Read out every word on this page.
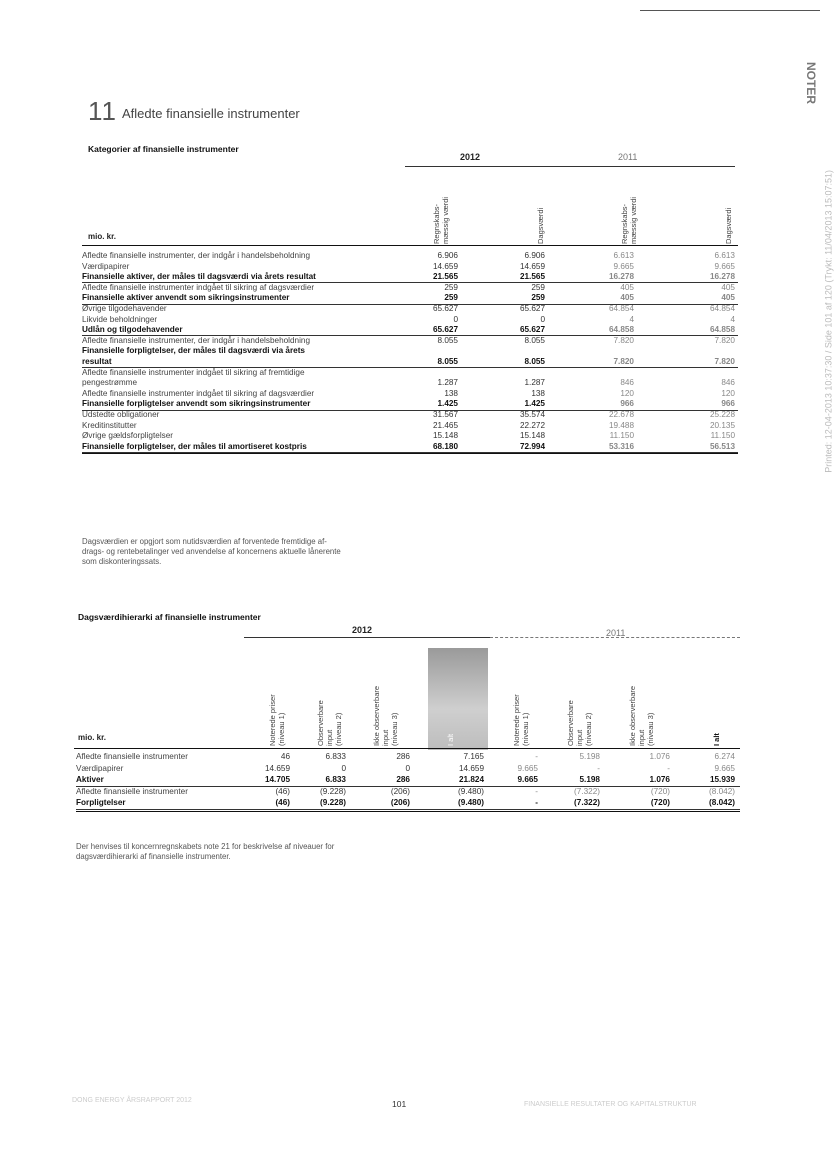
11 Afledte finansielle instrumenter
NOTER
Printed: 12-04-2013 10:37:30 / Side 101 af 120 (Trykt: 11/04/2013 15:07:51)
Kategorier af finansielle instrumenter
2012	2011
Regnskabs-
mæssig værdi
Dagsværdi	Regnskabs-
mæssig værdi
Dagsværdi
mio. kr.
Afledte finansielle instrumenter, der indgår i handelsbeholdning	6.906	6.906	6.613	6.613
Værdipapirer	14.659	14.659	9.665	9.665
Finansielle aktiver, der måles til dagsværdi via årets resultat	21.565	21.565	16.278	16.278
Afledte finansielle instrumenter indgået til sikring af dagsværdier	259	259	405	405
Finansielle aktiver anvendt som sikringsinstrumenter	259	259	405	405
Øvrige tilgodehavender	65.627	65.627	64.854	64.854
Likvide beholdninger	0	0	4	4
Udlån og tilgodehavender	65.627	65.627	64.858	64.858
Afledte finansielle instrumenter, der indgår i handelsbeholdning	8.055	8.055	7.820	7.820
Finansielle forpligtelser, der måles til dagsværdi via årets
resultat	8.055	8.055	7.820	7.820
Afledte finansielle instrumenter indgået til sikring af fremtidige
pengestrømme	1.287	1.287	846	846
Afledte finansielle instrumenter indgået til sikring af dagsværdier	138	138	120	120
Finansielle forpligtelser anvendt som sikringsinstrumenter	1.425	1.425	966	966
Udstedte obligationer	31.567	35.574	22.678	25.228
Kreditinstitutter	21.465	22.272	19.488	20.135
Øvrige gældsforpligtelser	15.148	15.148	11.150	11.150
Finansielle forpligtelser, der måles til amortiseret kostpris	68.180	72.994	53.316	56.513
Dagsværdien er opgjort som nutidsværdien af forventede fremtidige af-
drags- og rentebetalinger ved anvendelse af koncernens aktuelle lånerente
som diskonteringssats.
Dagsværdihierarki af finansielle instrumenter
2012	2011
Noterede priser
(niveau 1)	Observerbare
input
(niveau 2)
Ikke observerbare
input
(niveau 3)
I alt	Noterede priser
(niveau 1)	Observerbare
input
(niveau 2)
Ikke observerbare
input
(niveau 3)
I alt
mio. kr.
Afledte finansielle instrumenter	46	6.833	286	7.165	-	5.198	1.076	6.274
Værdipapirer	14.659	0	0	14.659	9.665	-	-	9.665
Aktiver	14.705	6.833	286	21.824	9.665	5.198	1.076	15.939
Afledte finansielle instrumenter	(46)	(9.228)	(206)	(9.480)	-	(7.322)	(720)	(8.042)
Forpligtelser	(46)	(9.228)	(206)	(9.480)	-	(7.322)	(720)	(8.042)
Der henvises til koncernregnskabets note 21 for beskrivelse af niveauer for
dagsværdihierarki af finansielle instrumenter.
DONG ENERGY ÅRSRAPPORT 2012	101	FINANSIELLE RESULTATER OG KAPITALSTRUKTUR
